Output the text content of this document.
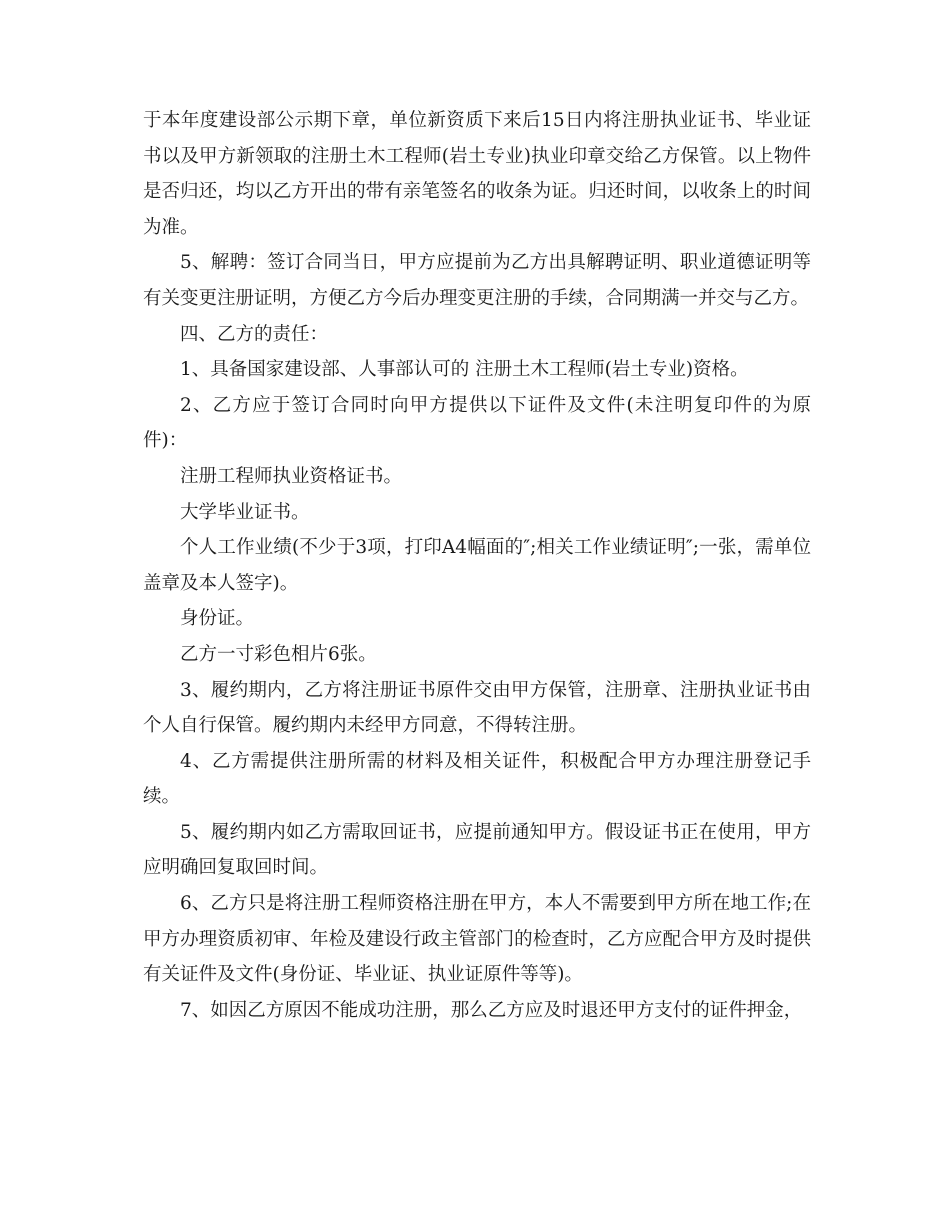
于本年度建设部公示期下章，单位新资质下来后15日内将注册执业证书、毕业证书以及甲方新领取的注册土木工程师(岩土专业)执业印章交给乙方保管。以上物件是否归还，均以乙方开出的带有亲笔签名的收条为证。归还时间，以收条上的时间为准。

5、解聘：签订合同当日，甲方应提前为乙方出具解聘证明、职业道德证明等有关变更注册证明，方便乙方今后办理变更注册的手续，合同期满一并交与乙方。

四、乙方的责任：

1、具备国家建设部、人事部认可的 注册土木工程师(岩土专业)资格。

2、乙方应于签订合同时向甲方提供以下证件及文件(未注明复印件的为原件)：

注册工程师执业资格证书。

大学毕业证书。

个人工作业绩(不少于3项，打印A4幅面的″;相关工作业绩证明″;一张，需单位盖章及本人签字)。

身份证。

乙方一寸彩色相片6张。

3、履约期内，乙方将注册证书原件交由甲方保管，注册章、注册执业证书由个人自行保管。履约期内未经甲方同意，不得转注册。

4、乙方需提供注册所需的材料及相关证件，积极配合甲方办理注册登记手续。

5、履约期内如乙方需取回证书，应提前通知甲方。假设证书正在使用，甲方应明确回复取回时间。

6、乙方只是将注册工程师资格注册在甲方，本人不需要到甲方所在地工作;在甲方办理资质初审、年检及建设行政主管部门的检查时，乙方应配合甲方及时提供有关证件及文件(身份证、毕业证、执业证原件等等)。

7、如因乙方原因不能成功注册，那么乙方应及时退还甲方支付的证件押金，
